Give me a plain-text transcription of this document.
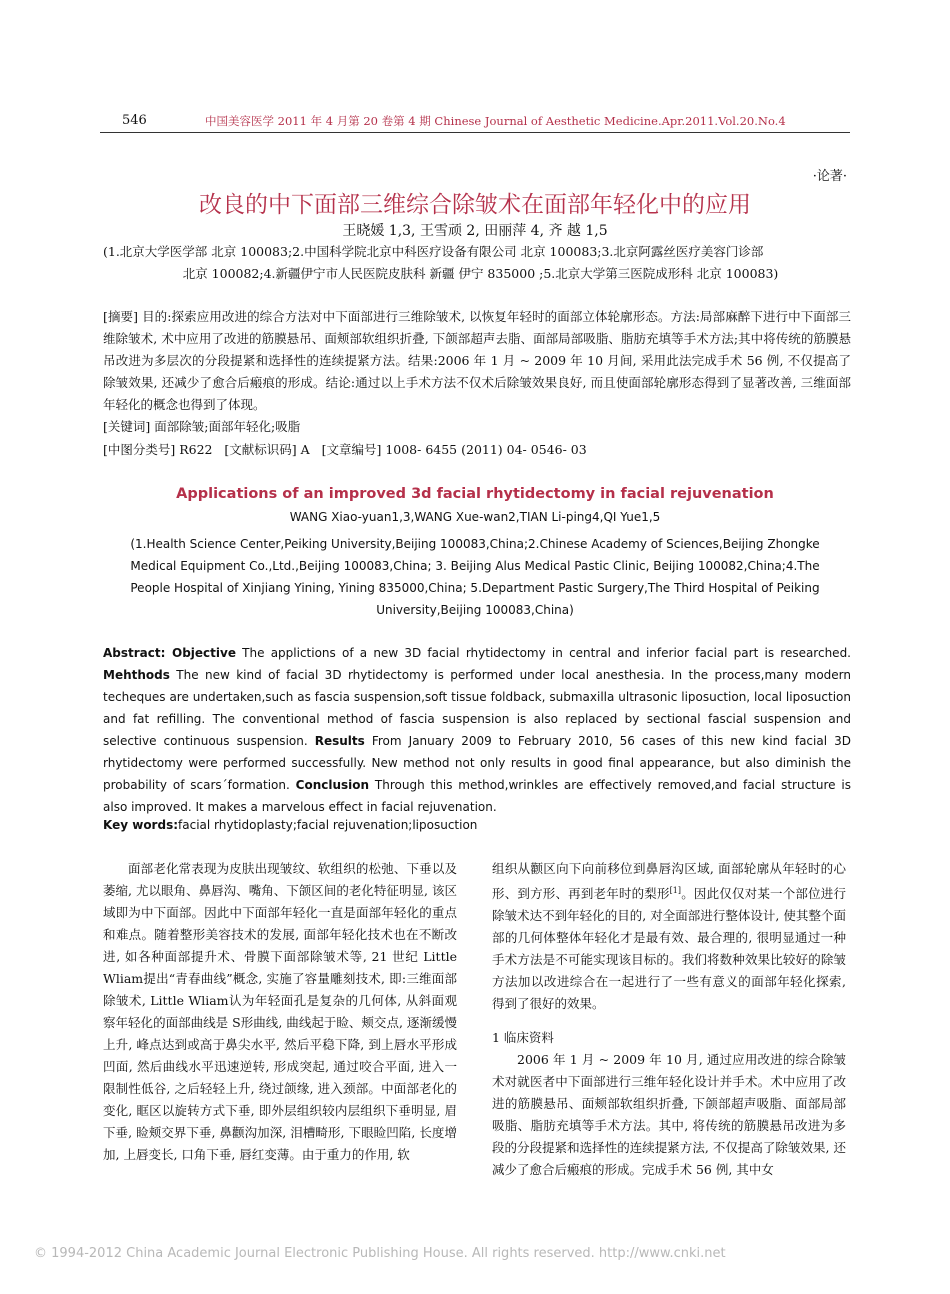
546	中国美容医学 2011 年 4 月第 20 卷第 4 期 Chinese Journal of Aesthetic Medicine.Apr.2011.Vol.20.No.4
·论著·
改良的中下面部三维综合除皱术在面部年轻化中的应用
王晓媛 1,3, 王雪顽 2, 田丽萍 4, 齐 越 1,5
(1.北京大学医学部 北京 100083;2.中国科学院北京中科医疗设备有限公司 北京 100083;3.北京阿露丝医疗美容门诊部
北京 100082;4.新疆伊宁市人民医院皮肤科 新疆 伊宁 835000 ;5.北京大学第三医院成形科 北京 100083)
[摘要] 目的:探索应用改进的综合方法对中下面部进行三维除皱术, 以恢复年轻时的面部立体轮廓形态。方法:局部麻醉下进行中下面部三维除皱术, 术中应用了改进的筋膜悬吊、面颊部软组织折叠, 下颌部超声去脂、面部局部吸脂、脂肪充填等手术方法;其中将传统的筋膜悬吊改进为多层次的分段提紧和选择性的连续提紧方法。结果:2006 年 1 月 ~ 2009 年 10 月间, 采用此法完成手术 56 例, 不仅提高了除皱效果, 还减少了愈合后瘢痕的形成。结论:通过以上手术方法不仅术后除皱效果良好, 而且使面部轮廓形态得到了显著改善, 三维面部年轻化的概念也得到了体现。
[关键词] 面部除皱;面部年轻化;吸脂
[中图分类号] R622   [文献标识码] A   [文章编号] 1008- 6455 (2011) 04- 0546- 03
Applications of an improved 3d facial rhytidectomy in facial rejuvenation
WANG Xiao-yuan1,3,WANG Xue-wan2,TIAN Li-ping4,QI Yue1,5
(1.Health Science Center,Peiking University,Beijing 100083,China;2.Chinese Academy of Sciences,Beijing Zhongke Medical Equipment Co.,Ltd.,Beijing 100083,China; 3. Beijing Alus Medical Pastic Clinic, Beijing 100082,China;4.The People Hospital of Xinjiang Yining, Yining 835000,China; 5.Department Pastic Surgery,The Third Hospital of Peiking University,Beijing 100083,China)
Abstract: Objective The applictions of a new 3D facial rhytidectomy in central and inferior facial part is researched. Mehthods The new kind of facial 3D rhytidectomy is performed under local anesthesia. In the process,many modern techeques are undertaken,such as fascia suspension,soft tissue foldback, submaxilla ultrasonic liposuction, local liposuction and fat refilling. The conventional method of fascia suspension is also replaced by sectional fascial suspension and selective continuous suspension. Results From January 2009 to February 2010, 56 cases of this new kind facial 3D rhytidectomy were performed successfully. New method not only results in good final appearance, but also diminish the probability of scars´formation. Conclusion Through this method,wrinkles are effectively removed,and facial structure is also improved. It makes a marvelous effect in facial rejuvenation.
Key words:facial rhytidoplasty;facial rejuvenation;liposuction

面部老化常表现为皮肤出现皱纹、软组织的松弛、下垂以及萎缩, 尤以眼角、鼻唇沟、嘴角、下颌区间的老化特征明显, 该区域即为中下面部。因此中下面部年轻化一直是面部年轻化的重点和难点。随着整形美容技术的发展, 面部年轻化技术也在不断改进, 如各种面部提升术、骨膜下面部除皱术等, 21 世纪 Little Wliam提出“青春曲线”概念, 实施了容量雕刻技术, 即:三维面部除皱术, Little Wliam认为年轻面孔是复杂的几何体, 从斜面观察年轻化的面部曲线是 S形曲线, 曲线起于睑、颊交点, 逐渐缓慢上升, 峰点达到或高于鼻尖水平, 然后平稳下降, 到上唇水平形成凹面, 然后曲线水平迅速逆转, 形成突起, 通过咬合平面, 进入一限制性低谷, 之后轻轻上升, 绕过颌缘, 进入颈部。中面部老化的变化, 眶区以旋转方式下垂, 即外层组织较内层组织下垂明显, 眉下垂, 睑颊交界下垂, 鼻颧沟加深, 泪槽畸形, 下眼睑凹陷, 长度增加, 上唇变长, 口角下垂, 唇红变薄。由于重力的作用, 软

组织从颧区向下向前移位到鼻唇沟区域, 面部轮廓从年轻时的心形、到方形、再到老年时的梨形[1]。因此仅仅对某一个部位进行除皱术达不到年轻化的目的, 对全面部进行整体设计, 使其整个面部的几何体整体年轻化才是最有效、最合理的, 很明显通过一种手术方法是不可能实现该目标的。我们将数种效果比较好的除皱方法加以改进综合在一起进行了一些有意义的面部年轻化探索, 得到了很好的效果。

1 临床资料

2006 年 1 月 ~ 2009 年 10 月, 通过应用改进的综合除皱术对就医者中下面部进行三维年轻化设计并手术。术中应用了改进的筋膜悬吊、面颊部软组织折叠, 下颌部超声吸脂、面部局部吸脂、脂肪充填等手术方法。其中, 将传统的筋膜悬吊改进为多段的分段提紧和选择性的连续提紧方法, 不仅提高了除皱效果, 还减少了愈合后瘢痕的形成。完成手术 56 例, 其中女

© 1994-2012 China Academic Journal Electronic Publishing House. All rights reserved. http://www.cnki.net
